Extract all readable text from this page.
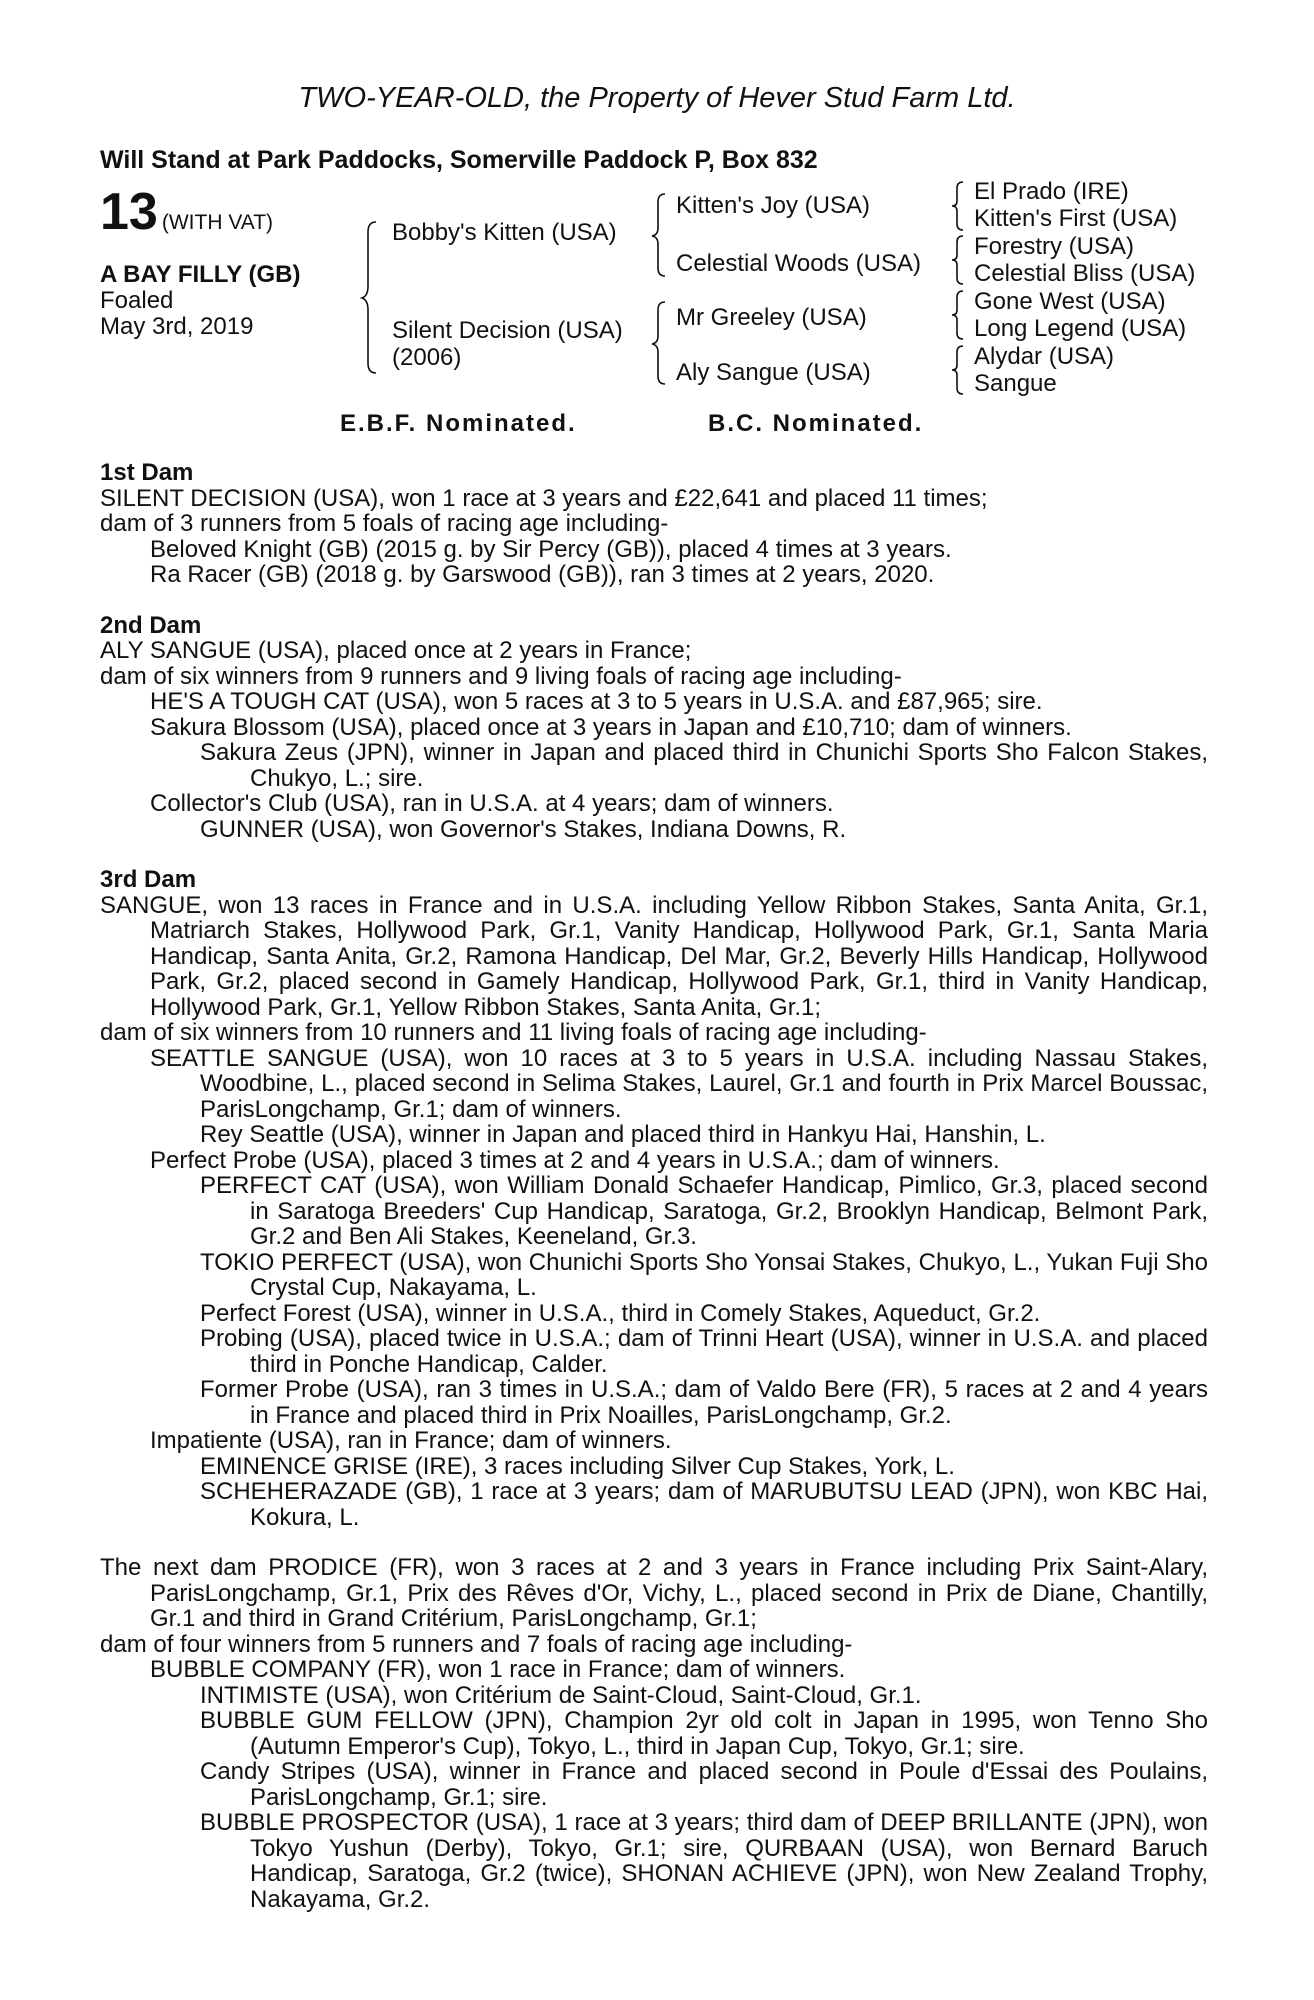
TWO-YEAR-OLD, the Property of Hever Stud Farm Ltd.
Will Stand at Park Paddocks, Somerville Paddock P, Box 832
13 (WITH VAT)
A BAY FILLY (GB)
Foaled
May 3rd, 2019
Bobby's Kitten (USA)
Silent Decision (USA)
(2006)
Kitten's Joy (USA)
Celestial Woods (USA)
Mr Greeley (USA)
Aly Sangue (USA)
El Prado (IRE)
Kitten's First (USA)
Forestry (USA)
Celestial Bliss (USA)
Gone West (USA)
Long Legend (USA)
Alydar (USA)
Sangue
E.B.F. Nominated.	B.C. Nominated.
1st Dam
SILENT DECISION (USA), won 1 race at 3 years and £22,641 and placed 11 times;
dam of 3 runners from 5 foals of racing age including-
Beloved Knight (GB) (2015 g. by Sir Percy (GB)), placed 4 times at 3 years.
Ra Racer (GB) (2018 g. by Garswood (GB)), ran 3 times at 2 years, 2020.
2nd Dam
ALY SANGUE (USA), placed once at 2 years in France;
dam of six winners from 9 runners and 9 living foals of racing age including-
HE'S A TOUGH CAT (USA), won 5 races at 3 to 5 years in U.S.A. and £87,965; sire.
Sakura Blossom (USA), placed once at 3 years in Japan and £10,710; dam of winners.
Sakura Zeus (JPN), winner in Japan and placed third in Chunichi Sports Sho Falcon Stakes, Chukyo, L.; sire.
Collector's Club (USA), ran in U.S.A. at 4 years; dam of winners.
GUNNER (USA), won Governor's Stakes, Indiana Downs, R.
3rd Dam
SANGUE, won 13 races in France and in U.S.A. including Yellow Ribbon Stakes, Santa Anita, Gr.1, Matriarch Stakes, Hollywood Park, Gr.1, Vanity Handicap, Hollywood Park, Gr.1, Santa Maria Handicap, Santa Anita, Gr.2, Ramona Handicap, Del Mar, Gr.2, Beverly Hills Handicap, Hollywood Park, Gr.2, placed second in Gamely Handicap, Hollywood Park, Gr.1, third in Vanity Handicap, Hollywood Park, Gr.1, Yellow Ribbon Stakes, Santa Anita, Gr.1;
dam of six winners from 10 runners and 11 living foals of racing age including-
SEATTLE SANGUE (USA), won 10 races at 3 to 5 years in U.S.A. including Nassau Stakes, Woodbine, L., placed second in Selima Stakes, Laurel, Gr.1 and fourth in Prix Marcel Boussac, ParisLongchamp, Gr.1; dam of winners.
Rey Seattle (USA), winner in Japan and placed third in Hankyu Hai, Hanshin, L.
Perfect Probe (USA), placed 3 times at 2 and 4 years in U.S.A.; dam of winners.
PERFECT CAT (USA), won William Donald Schaefer Handicap, Pimlico, Gr.3, placed second in Saratoga Breeders' Cup Handicap, Saratoga, Gr.2, Brooklyn Handicap, Belmont Park, Gr.2 and Ben Ali Stakes, Keeneland, Gr.3.
TOKIO PERFECT (USA), won Chunichi Sports Sho Yonsai Stakes, Chukyo, L., Yukan Fuji Sho Crystal Cup, Nakayama, L.
Perfect Forest (USA), winner in U.S.A., third in Comely Stakes, Aqueduct, Gr.2.
Probing (USA), placed twice in U.S.A.; dam of Trinni Heart (USA), winner in U.S.A. and placed third in Ponche Handicap, Calder.
Former Probe (USA), ran 3 times in U.S.A.; dam of Valdo Bere (FR), 5 races at 2 and 4 years in France and placed third in Prix Noailles, ParisLongchamp, Gr.2.
Impatiente (USA), ran in France; dam of winners.
EMINENCE GRISE (IRE), 3 races including Silver Cup Stakes, York, L.
SCHEHERAZADE (GB), 1 race at 3 years; dam of MARUBUTSU LEAD (JPN), won KBC Hai, Kokura, L.
The next dam PRODICE (FR), won 3 races at 2 and 3 years in France including Prix Saint-Alary, ParisLongchamp, Gr.1, Prix des Rêves d'Or, Vichy, L., placed second in Prix de Diane, Chantilly, Gr.1 and third in Grand Critérium, ParisLongchamp, Gr.1;
dam of four winners from 5 runners and 7 foals of racing age including-
BUBBLE COMPANY (FR), won 1 race in France; dam of winners.
INTIMISTE (USA), won Critérium de Saint-Cloud, Saint-Cloud, Gr.1.
BUBBLE GUM FELLOW (JPN), Champion 2yr old colt in Japan in 1995, won Tenno Sho (Autumn Emperor's Cup), Tokyo, L., third in Japan Cup, Tokyo, Gr.1; sire.
Candy Stripes (USA), winner in France and placed second in Poule d'Essai des Poulains, ParisLongchamp, Gr.1; sire.
BUBBLE PROSPECTOR (USA), 1 race at 3 years; third dam of DEEP BRILLANTE (JPN), won Tokyo Yushun (Derby), Tokyo, Gr.1; sire, QURBAAN (USA), won Bernard Baruch Handicap, Saratoga, Gr.2 (twice), SHONAN ACHIEVE (JPN), won New Zealand Trophy, Nakayama, Gr.2.
